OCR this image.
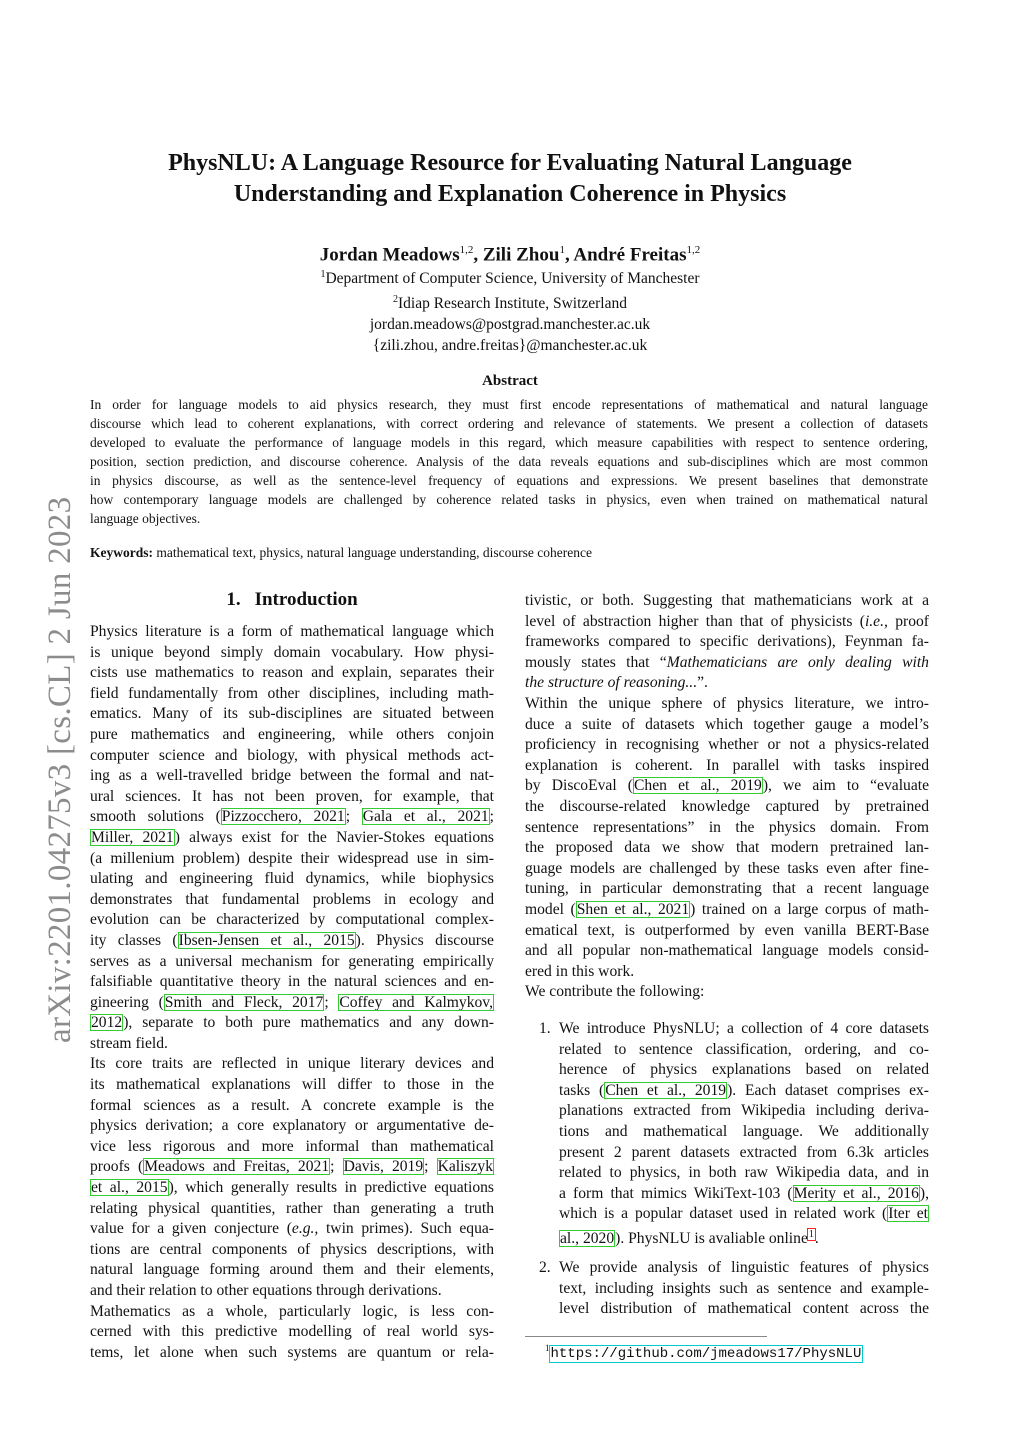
arXiv:2201.04275v3 [cs.CL] 2 Jun 2023
PhysNLU: A Language Resource for Evaluating Natural Language
Understanding and Explanation Coherence in Physics
Jordan Meadows$^{1,2}$, Zili Zhou$^1$, André Freitas$^{1,2}$
$^1$Department of Computer Science, University of Manchester
$^2$Idiap Research Institute, Switzerland
jordan.meadows@postgrad.manchester.ac.uk
{zili.zhou, andre.freitas}@manchester.ac.uk
Abstract
In order for language models to aid physics research, they must first encode representations of mathematical and natural language
discourse which lead to coherent explanations, with correct ordering and relevance of statements. We present a collection of datasets
developed to evaluate the performance of language models in this regard, which measure capabilities with respect to sentence ordering,
position, section prediction, and discourse coherence. Analysis of the data reveals equations and sub-disciplines which are most common
in physics discourse, as well as the sentence-level frequency of equations and expressions. We present baselines that demonstrate
how contemporary language models are challenged by coherence related tasks in physics, even when trained on mathematical natural
language objectives.
Keywords: mathematical text, physics, natural language understanding, discourse coherence
1. Introduction
Physics literature is a form of mathematical language which
is unique beyond simply domain vocabulary. How physi-
cists use mathematics to reason and explain, separates their
field fundamentally from other disciplines, including math-
ematics. Many of its sub-disciplines are situated between
pure mathematics and engineering, while others conjoin
computer science and biology, with physical methods act-
ing as a well-travelled bridge between the formal and nat-
ural sciences. It has not been proven, for example, that
smooth solutions (Pizzocchero, 2021; Gala et al., 2021;
Miller, 2021) always exist for the Navier-Stokes equations
(a millenium problem) despite their widespread use in sim-
ulating and engineering fluid dynamics, while biophysics
demonstrates that fundamental problems in ecology and
evolution can be characterized by computational complex-
ity classes (Ibsen-Jensen et al., 2015). Physics discourse
serves as a universal mechanism for generating empirically
falsifiable quantitative theory in the natural sciences and en-
gineering (Smith and Fleck, 2017; Coffey and Kalmykov,
2012), separate to both pure mathematics and any down-
stream field.
Its core traits are reflected in unique literary devices and
its mathematical explanations will differ to those in the
formal sciences as a result. A concrete example is the
physics derivation; a core explanatory or argumentative de-
vice less rigorous and more informal than mathematical
proofs (Meadows and Freitas, 2021; Davis, 2019; Kaliszyk
et al., 2015), which generally results in predictive equations
relating physical quantities, rather than generating a truth
value for a given conjecture (e.g., twin primes). Such equa-
tions are central components of physics descriptions, with
natural language forming around them and their elements,
and their relation to other equations through derivations.
Mathematics as a whole, particularly logic, is less con-
cerned with this predictive modelling of real world sys-
tems, let alone when such systems are quantum or rela-
tivistic, or both. Suggesting that mathematicians work at a
level of abstraction higher than that of physicists (i.e., proof
frameworks compared to specific derivations), Feynman fa-
mously states that “Mathematicians are only dealing with
the structure of reasoning...”.
Within the unique sphere of physics literature, we intro-
duce a suite of datasets which together gauge a model’s
proficiency in recognising whether or not a physics-related
explanation is coherent. In parallel with tasks inspired
by DiscoEval (Chen et al., 2019), we aim to “evaluate
the discourse-related knowledge captured by pretrained
sentence representations” in the physics domain. From
the proposed data we show that modern pretrained lan-
guage models are challenged by these tasks even after fine-
tuning, in particular demonstrating that a recent language
model (Shen et al., 2021) trained on a large corpus of math-
ematical text, is outperformed by even vanilla BERT-Base
and all popular non-mathematical language models consid-
ered in this work.
We contribute the following:
1. We introduce PhysNLU; a collection of 4 core datasets
related to sentence classification, ordering, and co-
herence of physics explanations based on related
tasks (Chen et al., 2019). Each dataset comprises ex-
planations extracted from Wikipedia including deriva-
tions and mathematical language. We additionally
present 2 parent datasets extracted from 6.3k articles
related to physics, in both raw Wikipedia data, and in
a form that mimics WikiText-103 (Merity et al., 2016),
which is a popular dataset used in related work (Iter et
al., 2020). PhysNLU is avaliable online$^1$.
2. We provide analysis of linguistic features of physics
text, including insights such as sentence and example-
level distribution of mathematical content across the
$^1$https://github.com/jmeadows17/PhysNLU
